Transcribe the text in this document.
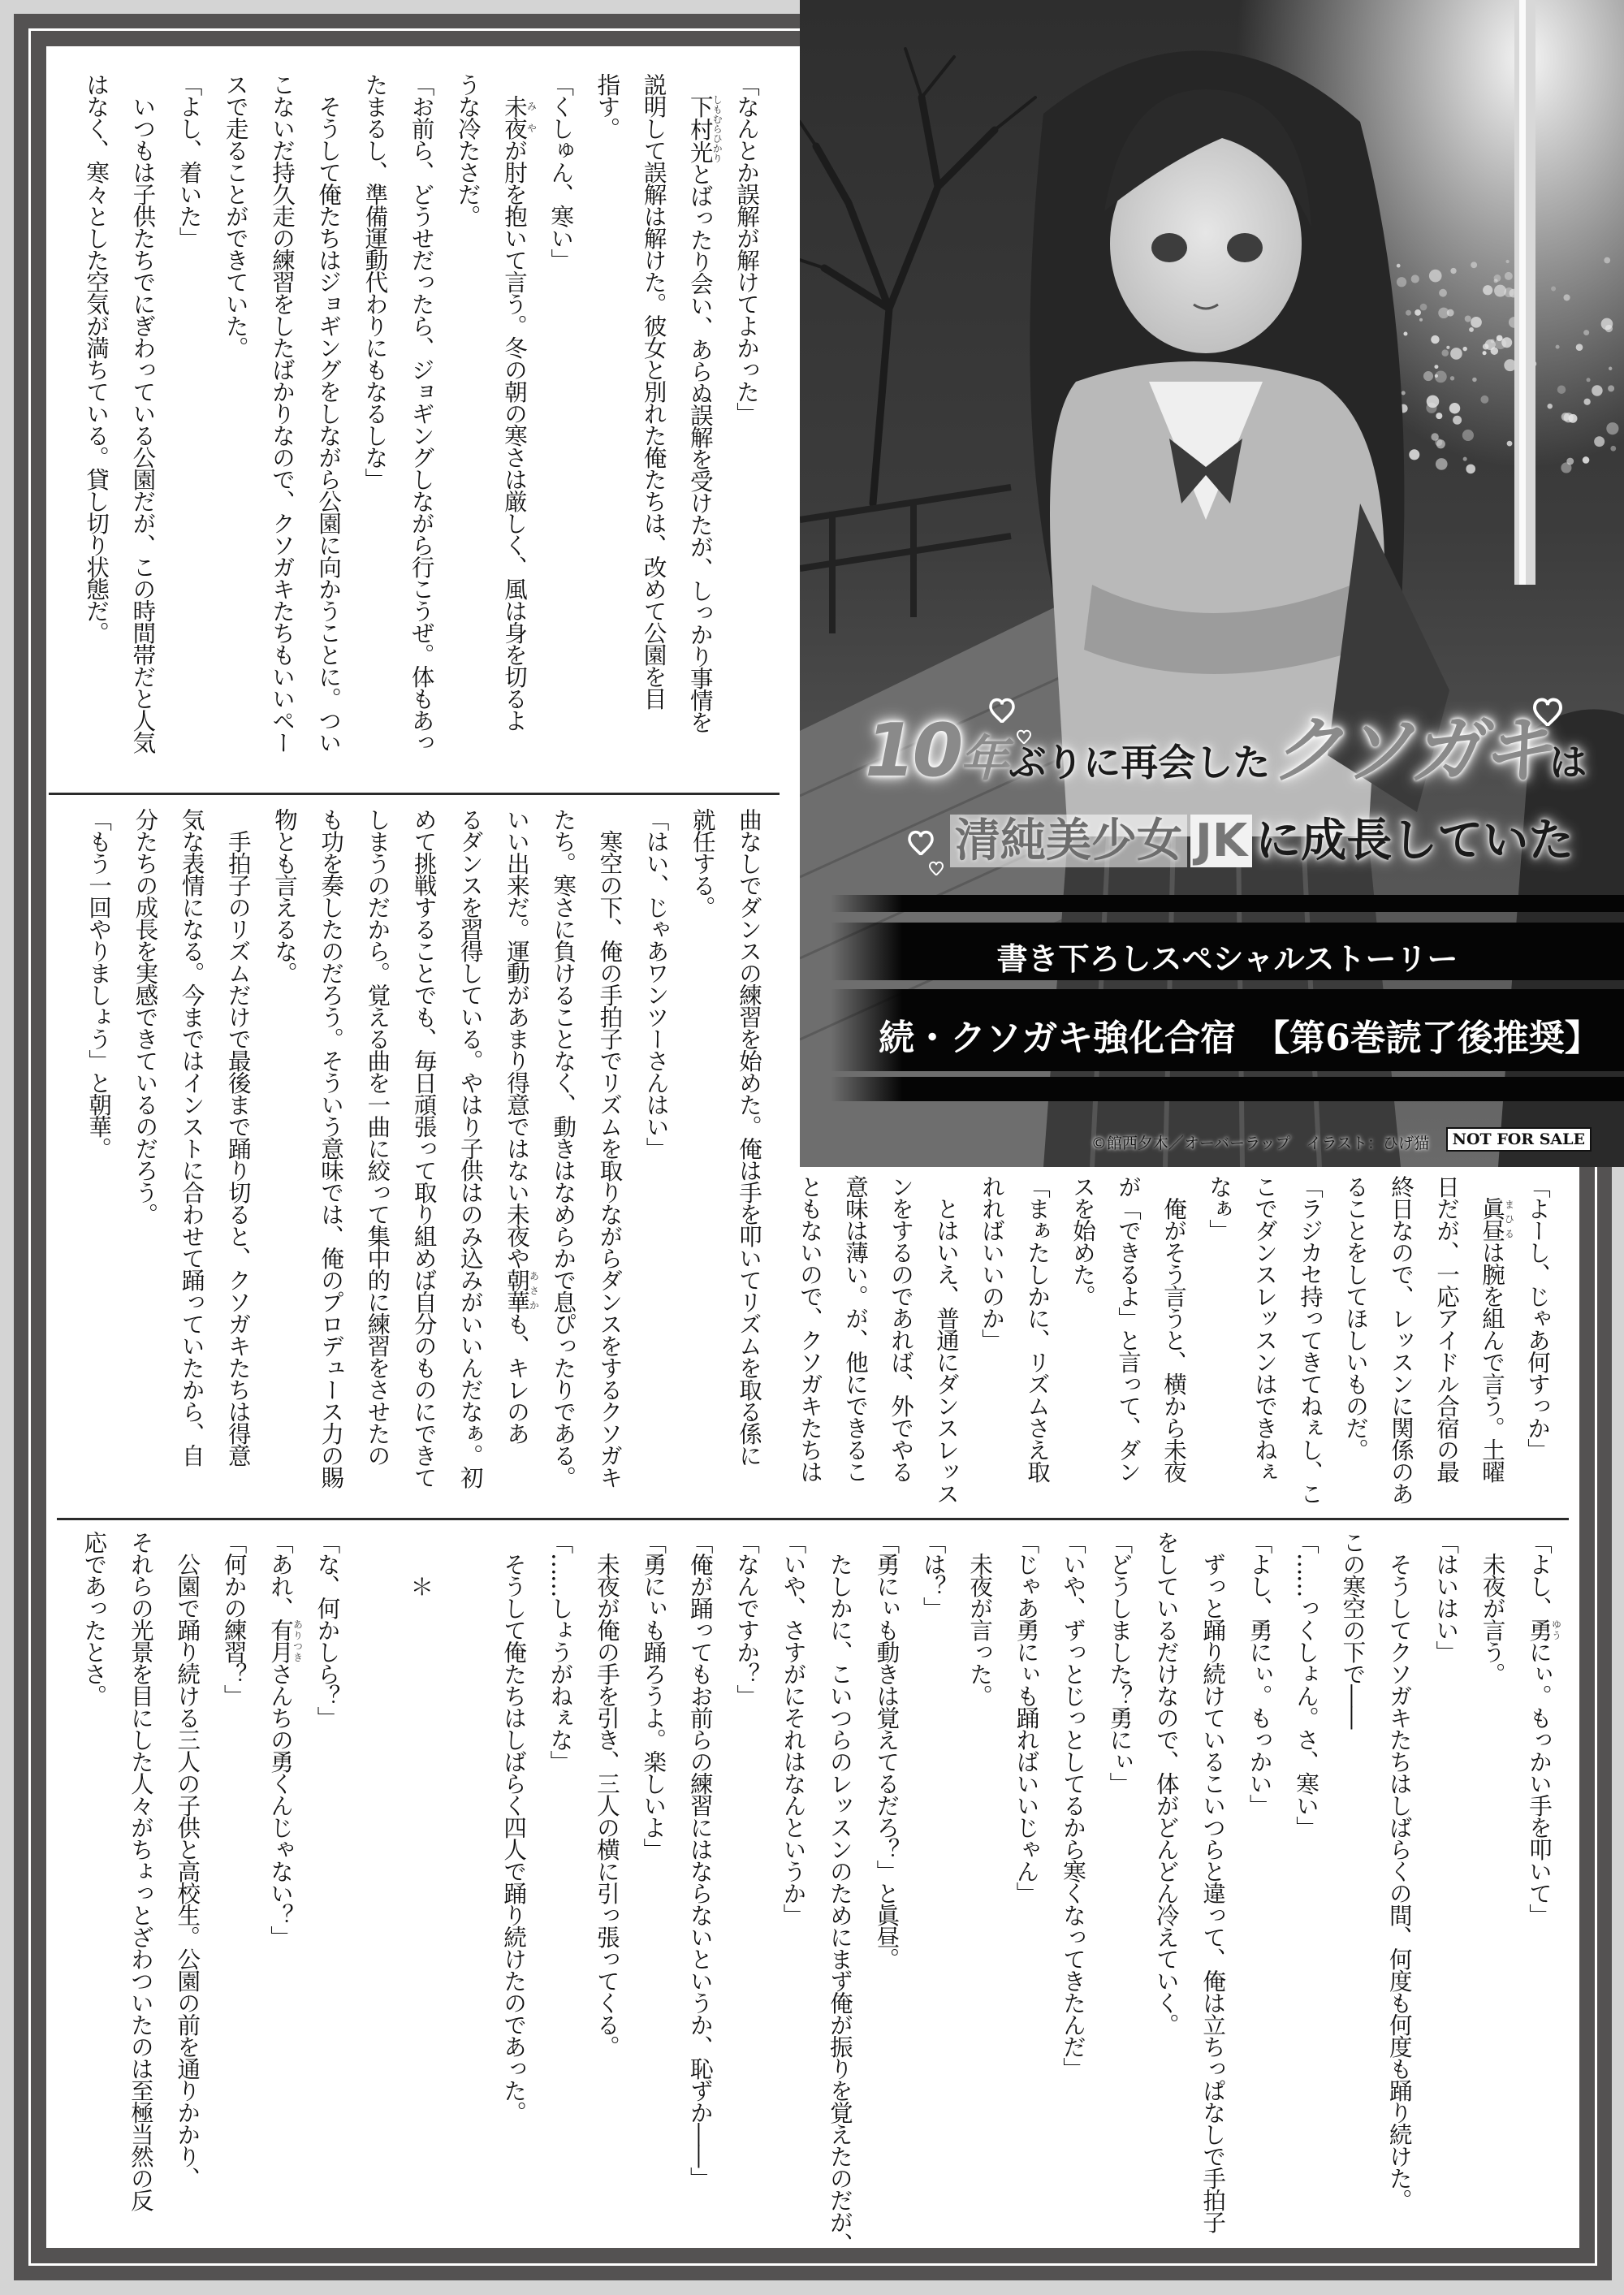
「なんとか誤解が解けてよかった」
　下村光しもむらひかりとばったり会い、あらぬ誤解を受けたが、しっかり事情を
説明して誤解は解けた。彼女と別れた俺たちは、改めて公園を目
指す。
「くしゅん、寒い」
　未夜みやが肘を抱いて言う。冬の朝の寒さは厳しく、風は身を切るよ
うな冷たさだ。
「お前ら、どうせだったら、ジョギングしながら行こうぜ。体もあっ
たまるし、準備運動代わりにもなるしな」
　そうして俺たちはジョギングをしながら公園に向かうことに。つい
こないだ持久走の練習をしたばかりなので、クソガキたちもいいペー
スで走ることができていた。
「よし、着いた」
　いつもは子供たちでにぎわっている公園だが、この時間帯だと人気
はなく、寒々とした空気が満ちている。貸し切り状態だ。
「よーし、じゃあ何すっか」
　眞昼まひるは腕を組んで言う。土曜
日だが、一応アイドル合宿の最
終日なので、レッスンに関係のあ
ることをしてほしいものだ。
「ラジカセ持ってきてねぇし、こ
こでダンスレッスンはできねぇ
なぁ」
　俺がそう言うと、横から未夜
が「できるよ」と言って、ダン
スを始めた。
「まぁたしかに、リズムさえ取
れればいいのか」
　とはいえ、普通にダンスレッス
ンをするのであれば、外でやる
意味は薄い。が、他にできるこ
ともないので、クソガキたちは
曲なしでダンスの練習を始めた。俺は手を叩いてリズムを取る係に
就任する。
「はい、じゃあワンツーさんはい」
　寒空の下、俺の手拍子でリズムを取りながらダンスをするクソガキ
たち。寒さに負けることなく、動きはなめらかで息ぴったりである。
いい出来だ。運動があまり得意ではない未夜や朝華あさかも、キレのあ
るダンスを習得している。やはり子供はのみ込みがいいんだなぁ。初
めて挑戦することでも、毎日頑張って取り組めば自分のものにできて
しまうのだから。覚える曲を一曲に絞って集中的に練習をさせたの
も功を奏したのだろう。そういう意味では、俺のプロデュース力の賜
物とも言えるな。
　手拍子のリズムだけで最後まで踊り切ると、クソガキたちは得意
気な表情になる。今まではインストに合わせて踊っていたから、自
分たちの成長を実感できているのだろう。
「もう一回やりましょう」と朝華。
「よし、勇ゆうにぃ。もっかい手を叩いて」
　未夜が言う。
「はいはい」
　そうしてクソガキたちはしばらくの間、何度も何度も踊り続けた。
この寒空の下で――
「……っくしょん。さ、寒い」
「よし、勇にぃ。もっかい」
　ずっと踊り続けているこいつらと違って、俺は立ちっぱなしで手拍子
をしているだけなので、体がどんどん冷えていく。
「どうしました？勇にぃ」
「いや、ずっとじっとしてるから寒くなってきたんだ」
「じゃあ勇にぃも踊ればいいじゃん」
　未夜が言った。
「は？」
「勇にぃも動きは覚えてるだろ？」と眞昼。
　たしかに、こいつらのレッスンのためにまず俺が振りを覚えたのだが、
「いや、さすがにそれはなんというか」
「なんですか？」
「俺が踊ってもお前らの練習にはならないというか、恥ずか――」
「勇にぃも踊ろうよ。楽しいよ」
　未夜が俺の手を引き、三人の横に引っ張ってくる。
「……しょうがねぇな」
　そうして俺たちはしばらく四人で踊り続けたのであった。
　　＊
「な、何かしら？」
「あれ、有月ありつきさんちの勇くんじゃない？」
「何かの練習？」
　公園で踊り続ける三人の子供と高校生。公園の前を通りかかり、
それらの光景を目にした人々がちょっとざわついたのは至極当然の反
応であったとさ。
10年ぶりに再会したクソガキは
清純美少女 JK に成長していた
書き下ろしスペシャルストーリー
続・クソガキ強化合宿　 【第6巻読了後推奨】
©館西夕木／オーバーラップ　イラスト：ひげ猫	NOT FOR SALE
